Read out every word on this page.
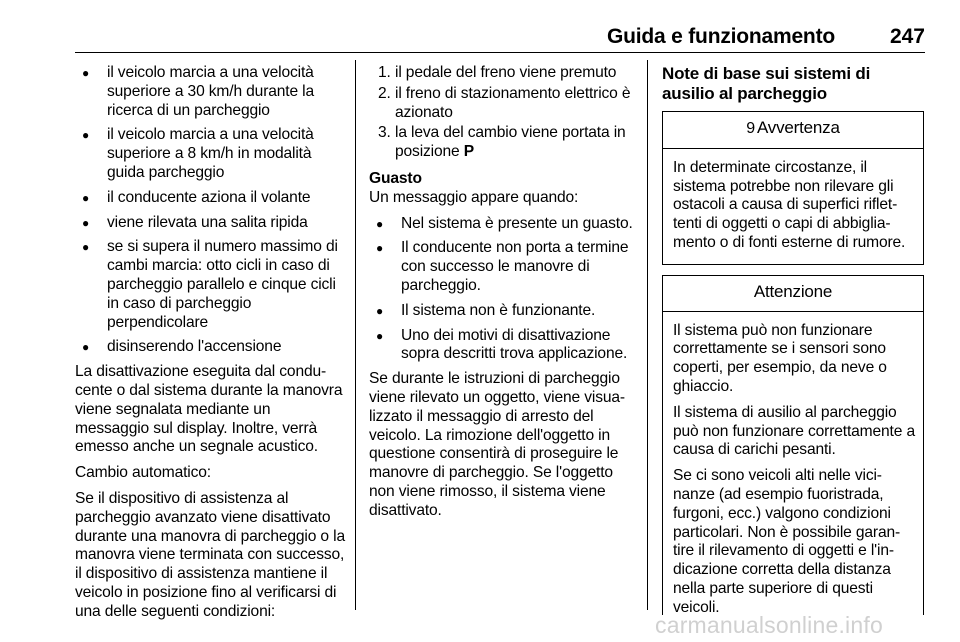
Guida e funzionamento	247
● il veicolo marcia a una velocità superiore a 30 km/h durante la ricerca di un parcheggio
● il veicolo marcia a una velocità superiore a 8 km/h in modalità guida parcheggio
● il conducente aziona il volante
● viene rilevata una salita ripida
● se si supera il numero massimo di cambi marcia: otto cicli in caso di parcheggio parallelo e cinque cicli in caso di parcheggio perpendicolare
● disinserendo l'accensione

La disattivazione eseguita dal conducente o dal sistema durante la manovra viene segnalata mediante un messaggio sul display. Inoltre, verrà emesso anche un segnale acustico.

Cambio automatico:

Se il dispositivo di assistenza al parcheggio avanzato viene disattivato durante una manovra di parcheggio o la manovra viene terminata con successo, il dispositivo di assistenza mantiene il veicolo in posizione fino al verificarsi di una delle seguenti condizioni:

1. il pedale del freno viene premuto
2. il freno di stazionamento elettrico è azionato
3. la leva del cambio viene portata in posizione P
Guasto

Un messaggio appare quando:

● Nel sistema è presente un guasto.
● Il conducente non porta a termine con successo le manovre di parcheggio.
● Il sistema non è funzionante.
● Uno dei motivi di disattivazione sopra descritti trova applicazione.

Se durante le istruzioni di parcheggio viene rilevato un oggetto, viene visualizzato il messaggio di arresto del veicolo. La rimozione dell'oggetto in questione consentirà di proseguire le manovre di parcheggio. Se l'oggetto non viene rimosso, il sistema viene disattivato.

Note di base sui sistemi di ausilio al parcheggio
9 Avvertenza

In determinate circostanze, il sistema potrebbe non rilevare gli ostacoli a causa di superfici riflettenti di oggetti o capi di abbigliamento o di fonti esterne di rumore.

Attenzione

Il sistema può non funzionare correttamente se i sensori sono coperti, per esempio, da neve o ghiaccio.

Il sistema di ausilio al parcheggio può non funzionare correttamente a causa di carichi pesanti.

Se ci sono veicoli alti nelle vicinanze (ad esempio fuoristrada, furgoni, ecc.) valgono condizioni particolari. Non è possibile garantire il rilevamento di oggetti e l'indicazione corretta della distanza nella parte superiore di questi veicoli.

carmanualsonline.info
